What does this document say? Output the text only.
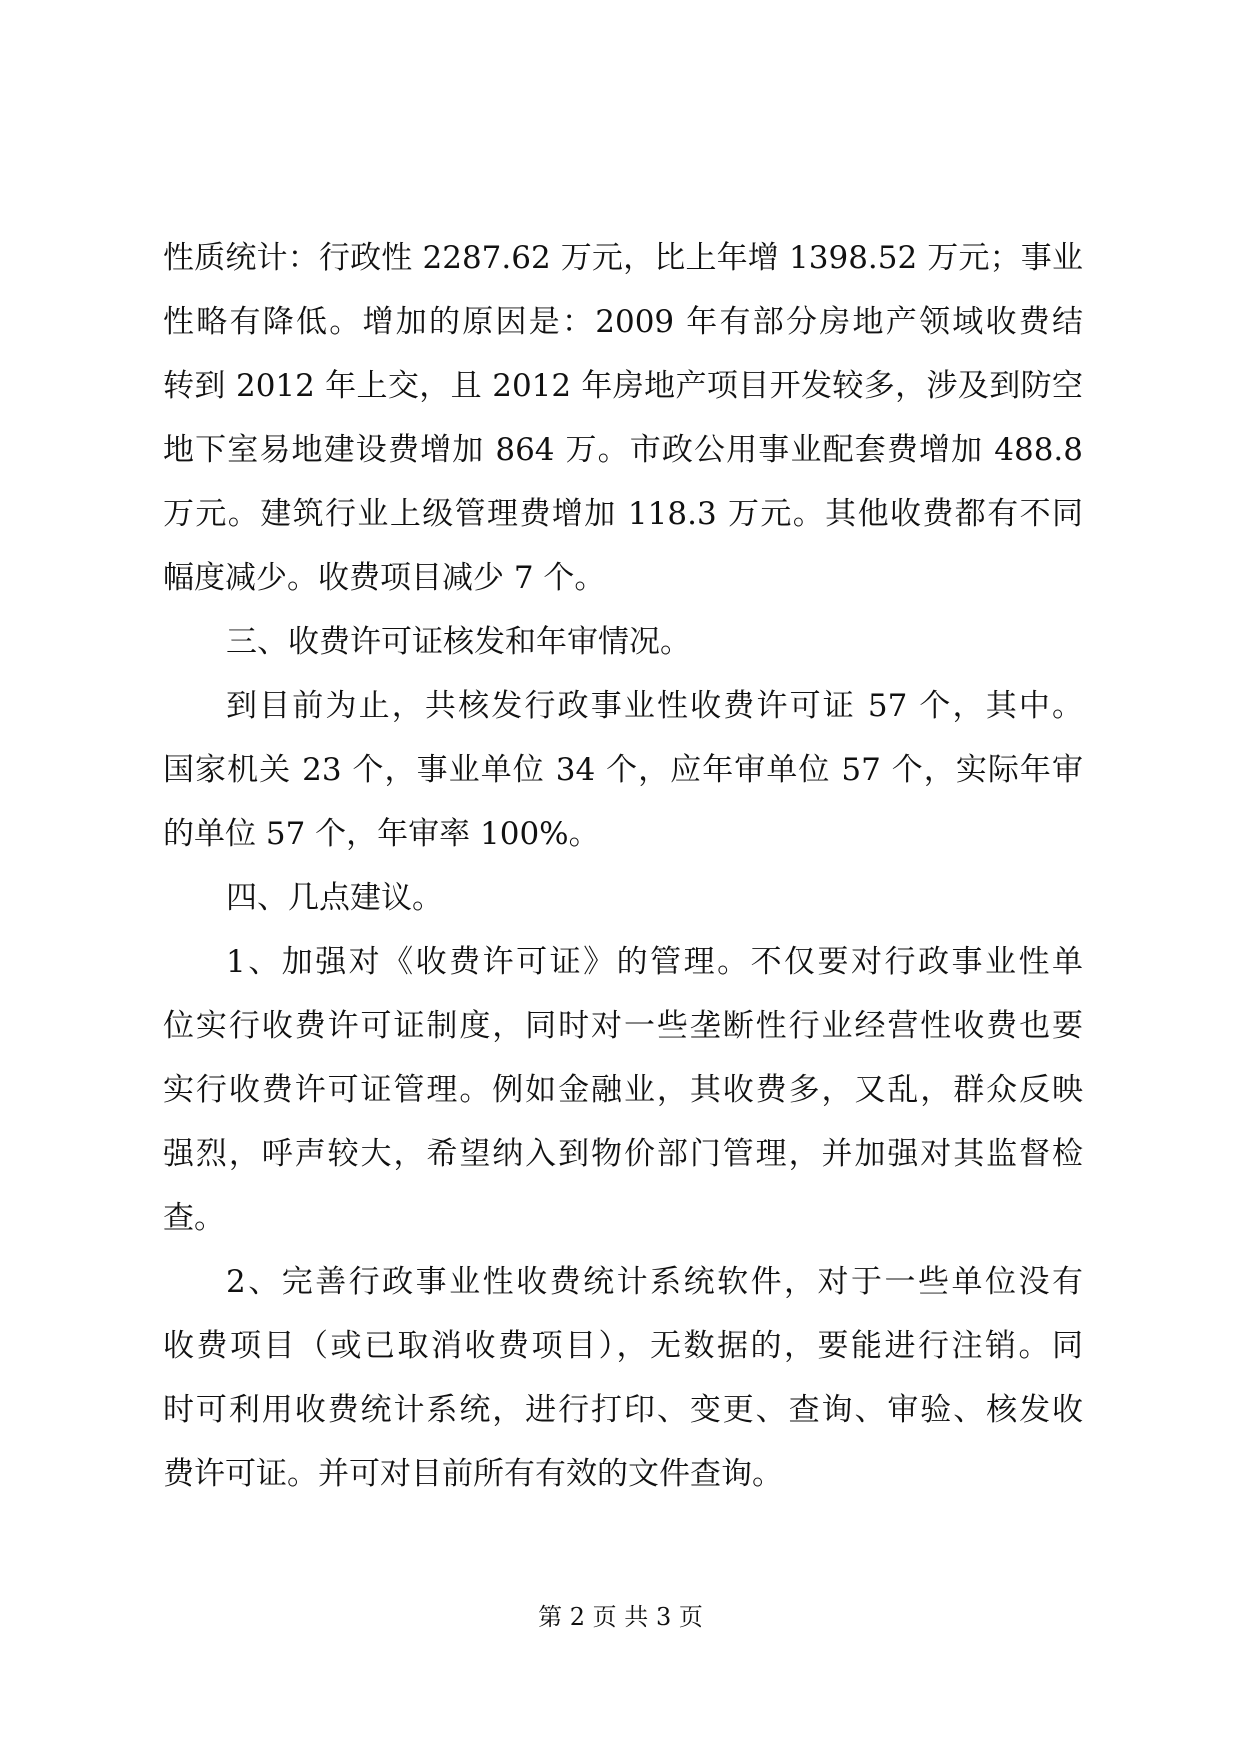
性质统计：行政性 2287.62 万元，比上年增 1398.52 万元；事业
性略有降低。增加的原因是：2009 年有部分房地产领域收费结
转到 2012 年上交，且 2012 年房地产项目开发较多，涉及到防空
地下室易地建设费增加 864 万。市政公用事业配套费增加 488.8
万元。建筑行业上级管理费增加 118.3 万元。其他收费都有不同
幅度减少。收费项目减少 7 个。
三、收费许可证核发和年审情况。
到目前为止，共核发行政事业性收费许可证 57 个，其中。
国家机关 23 个，事业单位 34 个，应年审单位 57 个，实际年审
的单位 57 个，年审率 100%。
四、几点建议。
1、加强对《收费许可证》的管理。不仅要对行政事业性单
位实行收费许可证制度，同时对一些垄断性行业经营性收费也要
实行收费许可证管理。例如金融业，其收费多，又乱，群众反映
强烈，呼声较大，希望纳入到物价部门管理，并加强对其监督检
查。
2、完善行政事业性收费统计系统软件，对于一些单位没有
收费项目（或已取消收费项目），无数据的，要能进行注销。同
时可利用收费统计系统，进行打印、变更、查询、审验、核发收
费许可证。并可对目前所有有效的文件查询。
第 2 页 共 3 页
